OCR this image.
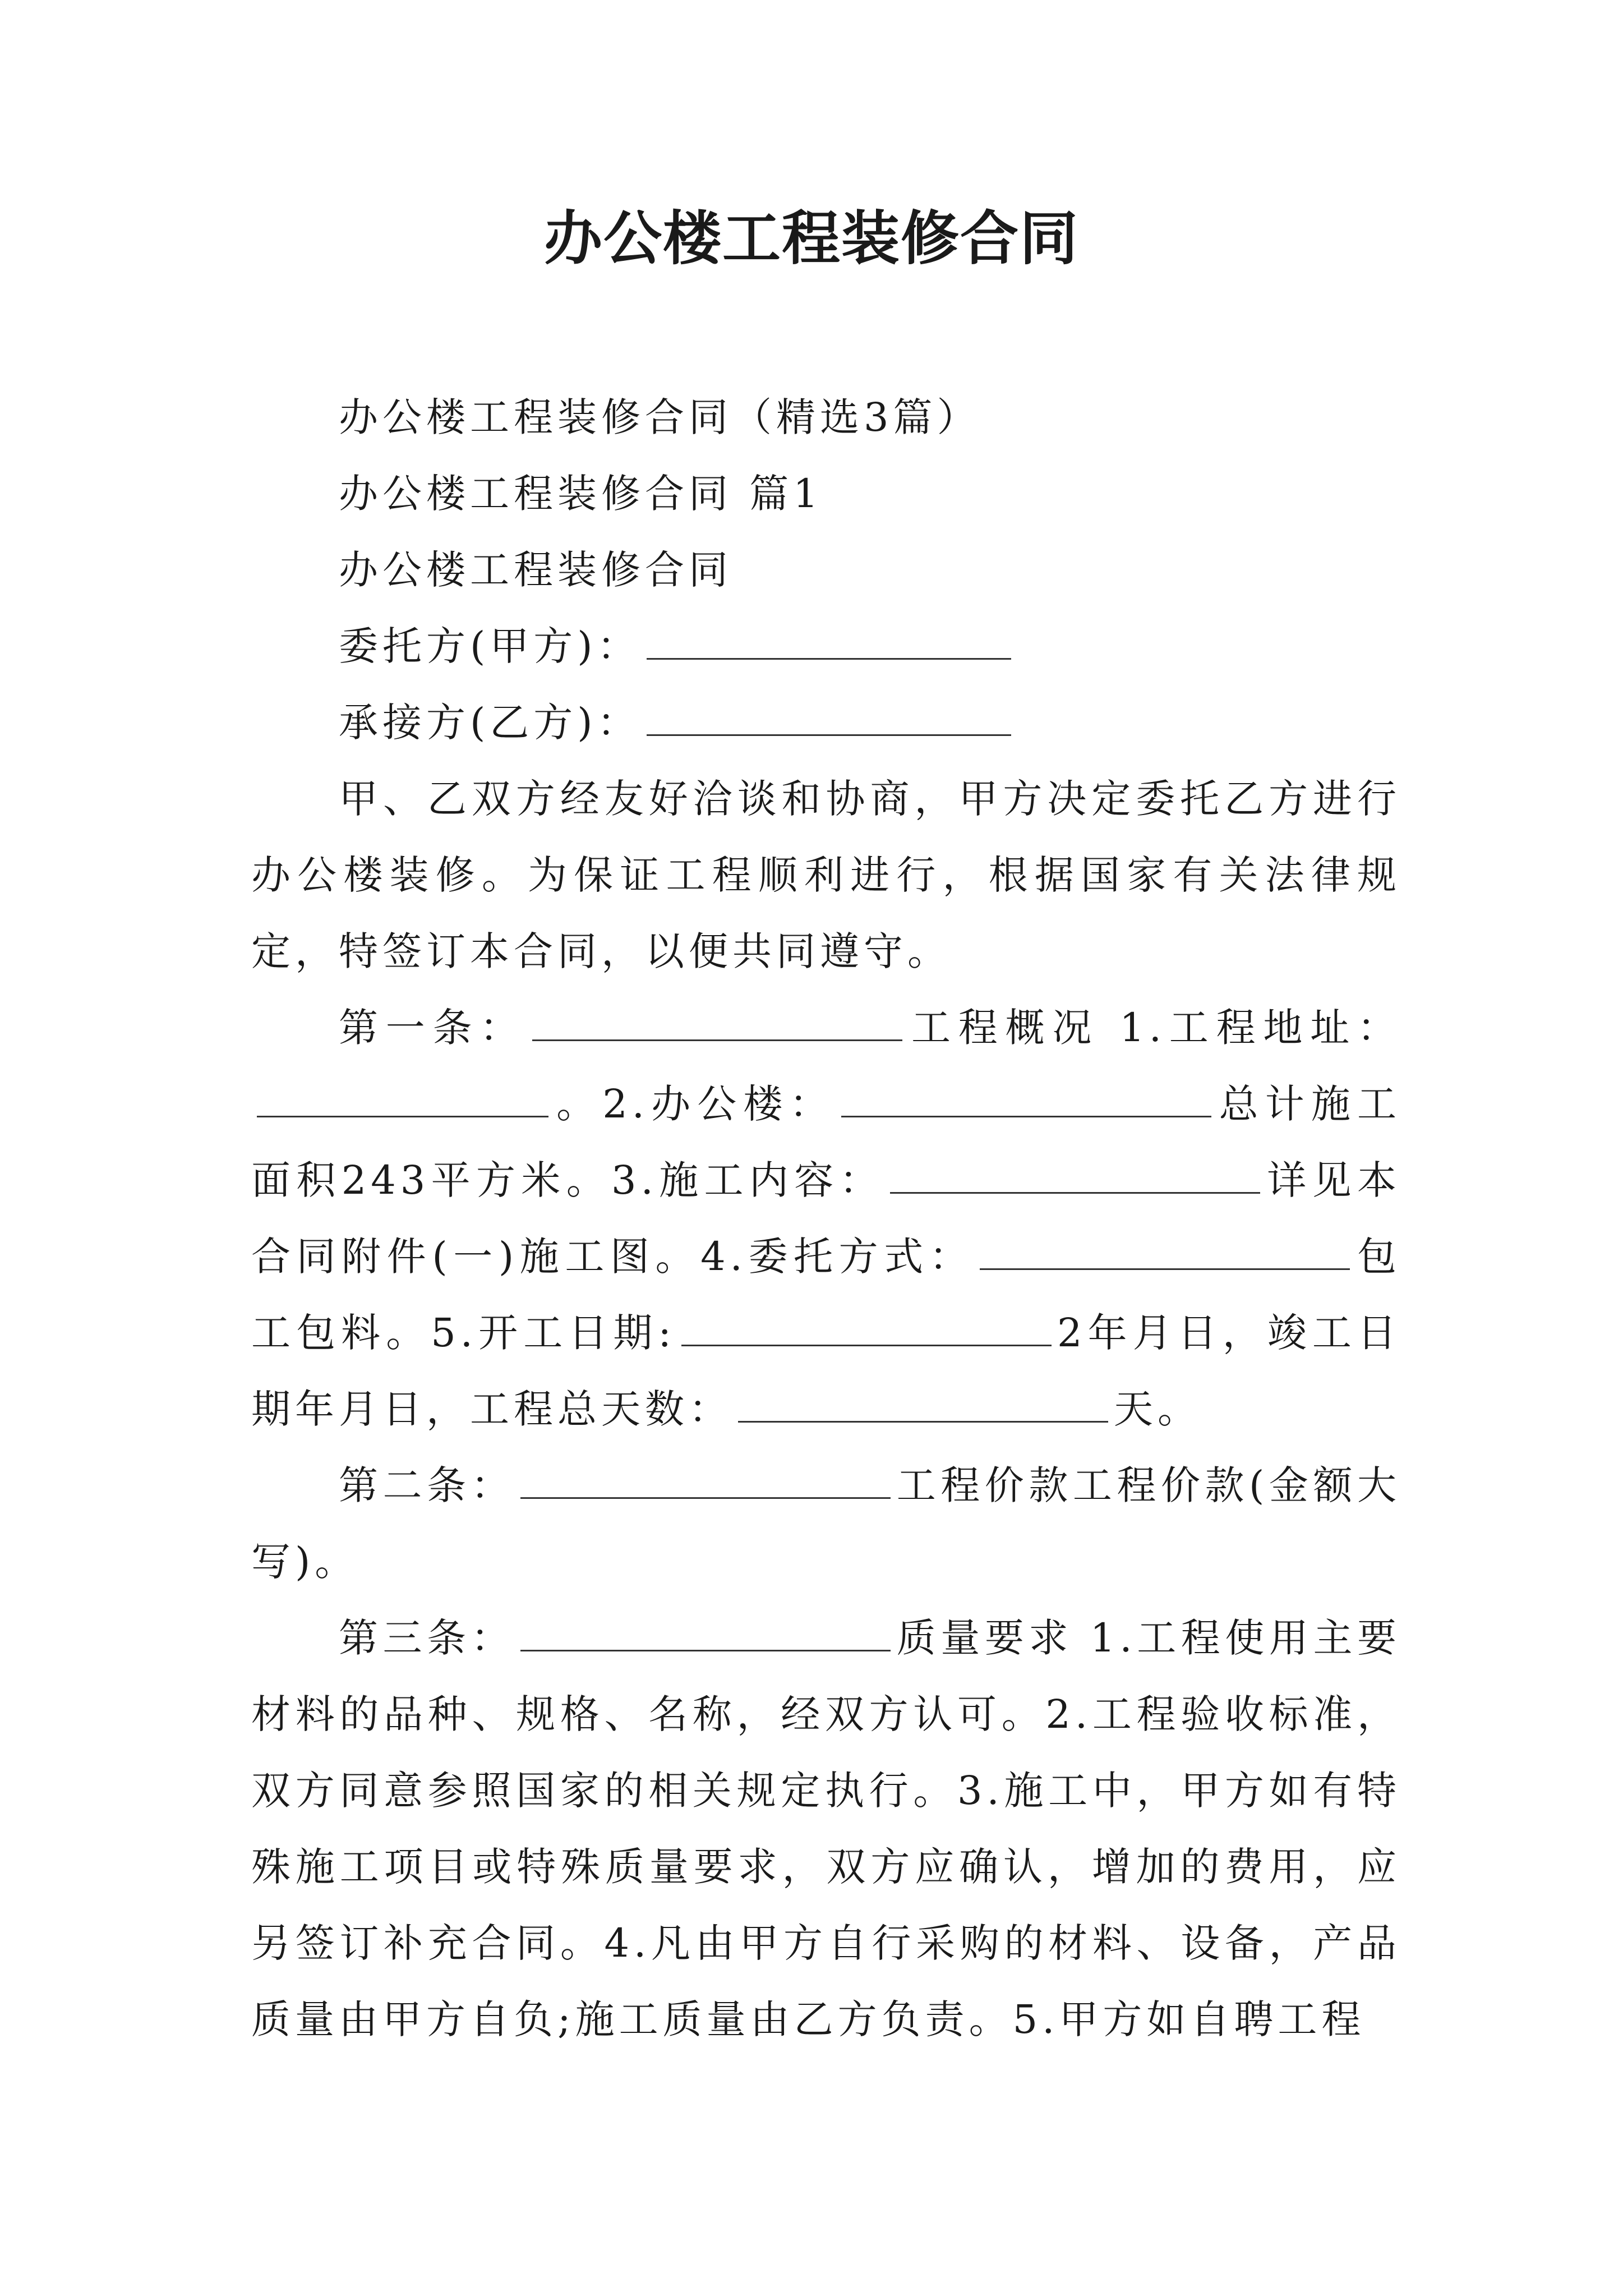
办公楼工程装修合同

办公楼工程装修合同（精选3篇）

办公楼工程装修合同 篇1

办公楼工程装修合同

委托方(甲方)：

承接方(乙方)：

甲、乙双方经友好洽谈和协商，甲方决定委托乙方进行办公楼装修。为保证工程顺利进行，根据国家有关法律规定，特签订本合同，以便共同遵守。

第一条：	工程概况 1.工程地址：。2.办公楼：	总计施工面积243平方米。3.施工内容：	详见本合同附件(一)施工图。4.委托方式：	包工包料。5.开工日期:	2年月日，竣工日期年月日，工程总天数：	天。

第二条：	工程价款工程价款(金额大写)。

第三条：	质量要求 1.工程使用主要材料的品种、规格、名称，经双方认可。2.工程验收标准，双方同意参照国家的相关规定执行。3.施工中，甲方如有特殊施工项目或特殊质量要求，双方应确认，增加的费用，应另签订补充合同。4.凡由甲方自行采购的材料、设备，产品质量由甲方自负;施工质量由乙方负责。5.甲方如自聘工程
